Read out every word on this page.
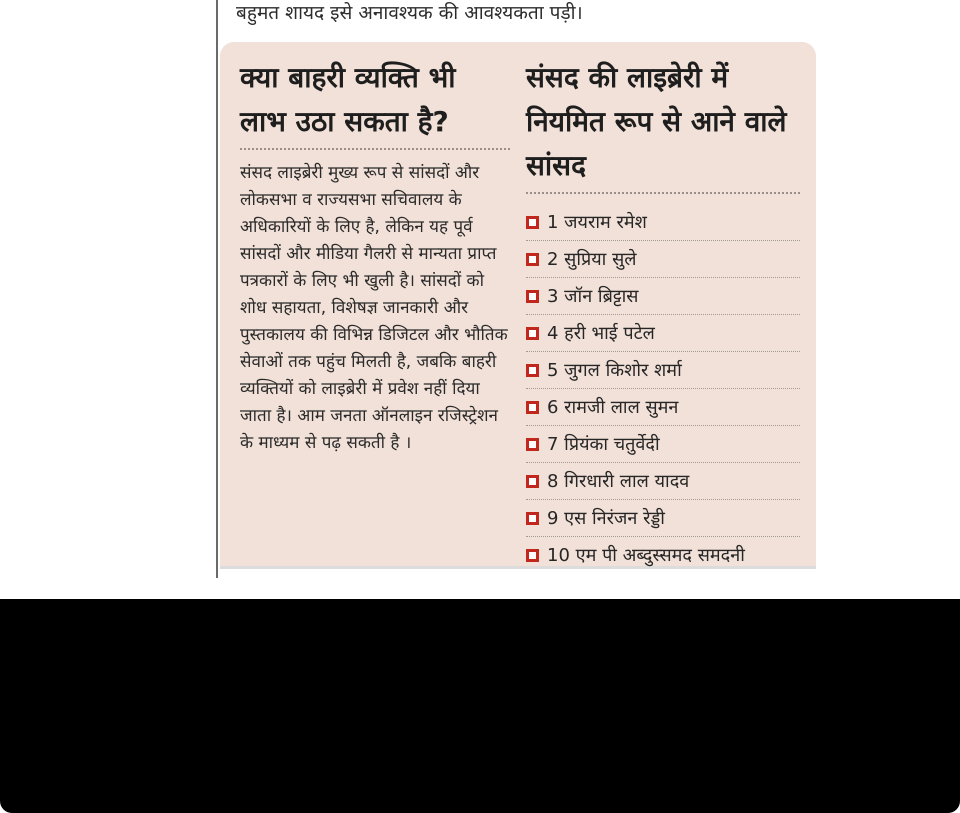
बहुमत शायद इसे अनावश्यक की आवश्यकता पड़ी।
क्या बाहरी व्यक्ति भी लाभ उठा सकता है?
संसद लाइब्रेरी मुख्य रूप से सांसदों और लोकसभा व राज्यसभा सचिवालय के अधिकारियों के लिए है, लेकिन यह पूर्व सांसदों और मीडिया गैलरी से मान्यता प्राप्त पत्रकारों के लिए भी खुली है। सांसदों को शोध सहायता, विशेषज्ञ जानकारी और पुस्तकालय की विभिन्न डिजिटल और भौतिक सेवाओं तक पहुंच मिलती है, जबकि बाहरी व्यक्तियों को लाइब्रेरी में प्रवेश नहीं दिया जाता है। आम जनता ऑनलाइन रजिस्ट्रेशन के माध्यम से पढ़ सकती है ।
संसद की लाइब्रेरी में नियमित रूप से आने वाले सांसद
1 जयराम रमेश
2 सुप्रिया सुले
3 जॉन ब्रिट्टास
4 हरी भाई पटेल
5 जुगल किशोर शर्मा
6 रामजी लाल सुमन
7 प्रियंका चतुर्वेदी
8 गिरधारी लाल यादव
9 एस निरंजन रेड्डी
10 एम पी अब्दुस्समद समदनी
